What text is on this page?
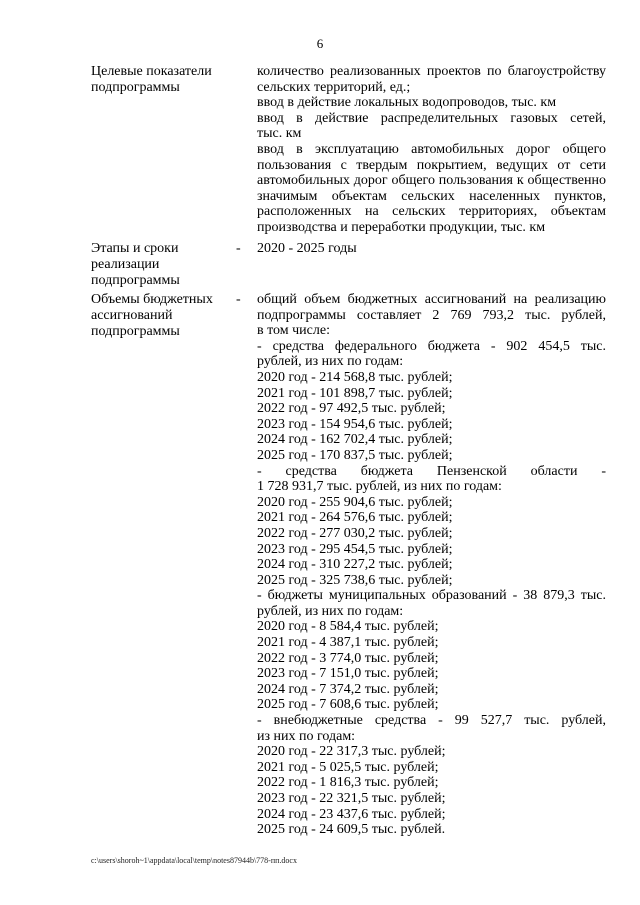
6
Целевые показатели
подпрограммы
количество реализованных проектов по благоустройству
сельских территорий, ед.;
ввод в действие локальных водопроводов, тыс. км
ввод в действие распределительных газовых сетей,
тыс. км
ввод в эксплуатацию автомобильных дорог общего
пользования с твердым покрытием, ведущих от сети
автомобильных дорог общего пользования к общественно
значимым объектам сельских населенных пунктов,
расположенных на сельских территориях, объектам
производства и переработки продукции, тыс. км
Этапы и сроки
реализации
подпрограммы
- 2020 - 2025 годы
Объемы бюджетных
ассигнований
подпрограммы
- общий объем бюджетных ассигнований на реализацию
подпрограммы составляет 2 769 793,2 тыс. рублей,
в том числе:
- средства федерального бюджета - 902 454,5 тыс.
рублей, из них по годам:
2020 год - 214 568,8 тыс. рублей;
2021 год - 101 898,7 тыс. рублей;
2022 год - 97 492,5 тыс. рублей;
2023 год - 154 954,6 тыс. рублей;
2024 год - 162 702,4 тыс. рублей;
2025 год - 170 837,5 тыс. рублей;
- средства бюджета Пензенской области -
1 728 931,7 тыс. рублей, из них по годам:
2020 год - 255 904,6 тыс. рублей;
2021 год - 264 576,6 тыс. рублей;
2022 год - 277 030,2 тыс. рублей;
2023 год - 295 454,5 тыс. рублей;
2024 год - 310 227,2 тыс. рублей;
2025 год - 325 738,6 тыс. рублей;
- бюджеты муниципальных образований - 38 879,3 тыс.
рублей, из них по годам:
2020 год - 8 584,4 тыс. рублей;
2021 год - 4 387,1 тыс. рублей;
2022 год - 3 774,0 тыс. рублей;
2023 год - 7 151,0 тыс. рублей;
2024 год - 7 374,2 тыс. рублей;
2025 год - 7 608,6 тыс. рублей;
- внебюджетные средства - 99 527,7 тыс. рублей,
из них по годам:
2020 год - 22 317,3 тыс. рублей;
2021 год - 5 025,5 тыс. рублей;
2022 год - 1 816,3 тыс. рублей;
2023 год - 22 321,5 тыс. рублей;
2024 год - 23 437,6 тыс. рублей;
2025 год - 24 609,5 тыс. рублей.
c:\users\shoroh~1\appdata\local\temp\notes87944b\778-пп.docx
